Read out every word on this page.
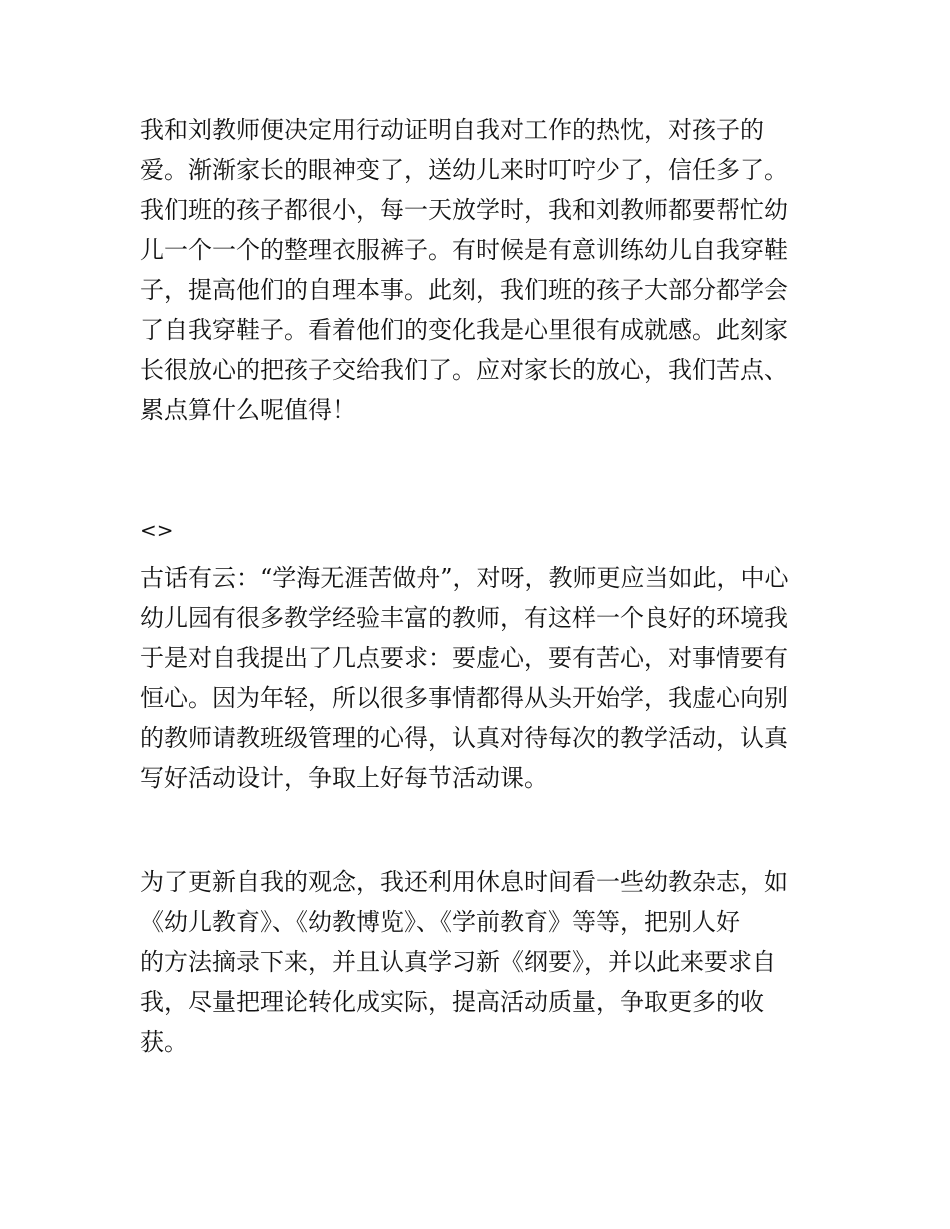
我和刘教师便决定用行动证明自我对工作的热忱，对孩子的
爱。渐渐家长的眼神变了，送幼儿来时叮咛少了，信任多了。
我们班的孩子都很小，每一天放学时，我和刘教师都要帮忙幼
儿一个一个的整理衣服裤子。有时候是有意训练幼儿自我穿鞋
子，提高他们的自理本事。此刻，我们班的孩子大部分都学会
了自我穿鞋子。看着他们的变化我是心里很有成就感。此刻家
长很放心的把孩子交给我们了。应对家长的放心，我们苦点、
累点算什么呢值得！
<>
古话有云：“学海无涯苦做舟”，对呀，教师更应当如此，中心
幼儿园有很多教学经验丰富的教师，有这样一个良好的环境我
于是对自我提出了几点要求：要虚心，要有苦心，对事情要有
恒心。因为年轻，所以很多事情都得从头开始学，我虚心向别
的教师请教班级管理的心得，认真对待每次的教学活动，认真
写好活动设计，争取上好每节活动课。
为了更新自我的观念，我还利用休息时间看一些幼教杂志，如
《幼儿教育》、《幼教博览》、《学前教育》等等，把别人好
的方法摘录下来，并且认真学习新《纲要》，并以此来要求自
我，尽量把理论转化成实际，提高活动质量，争取更多的收
获。
